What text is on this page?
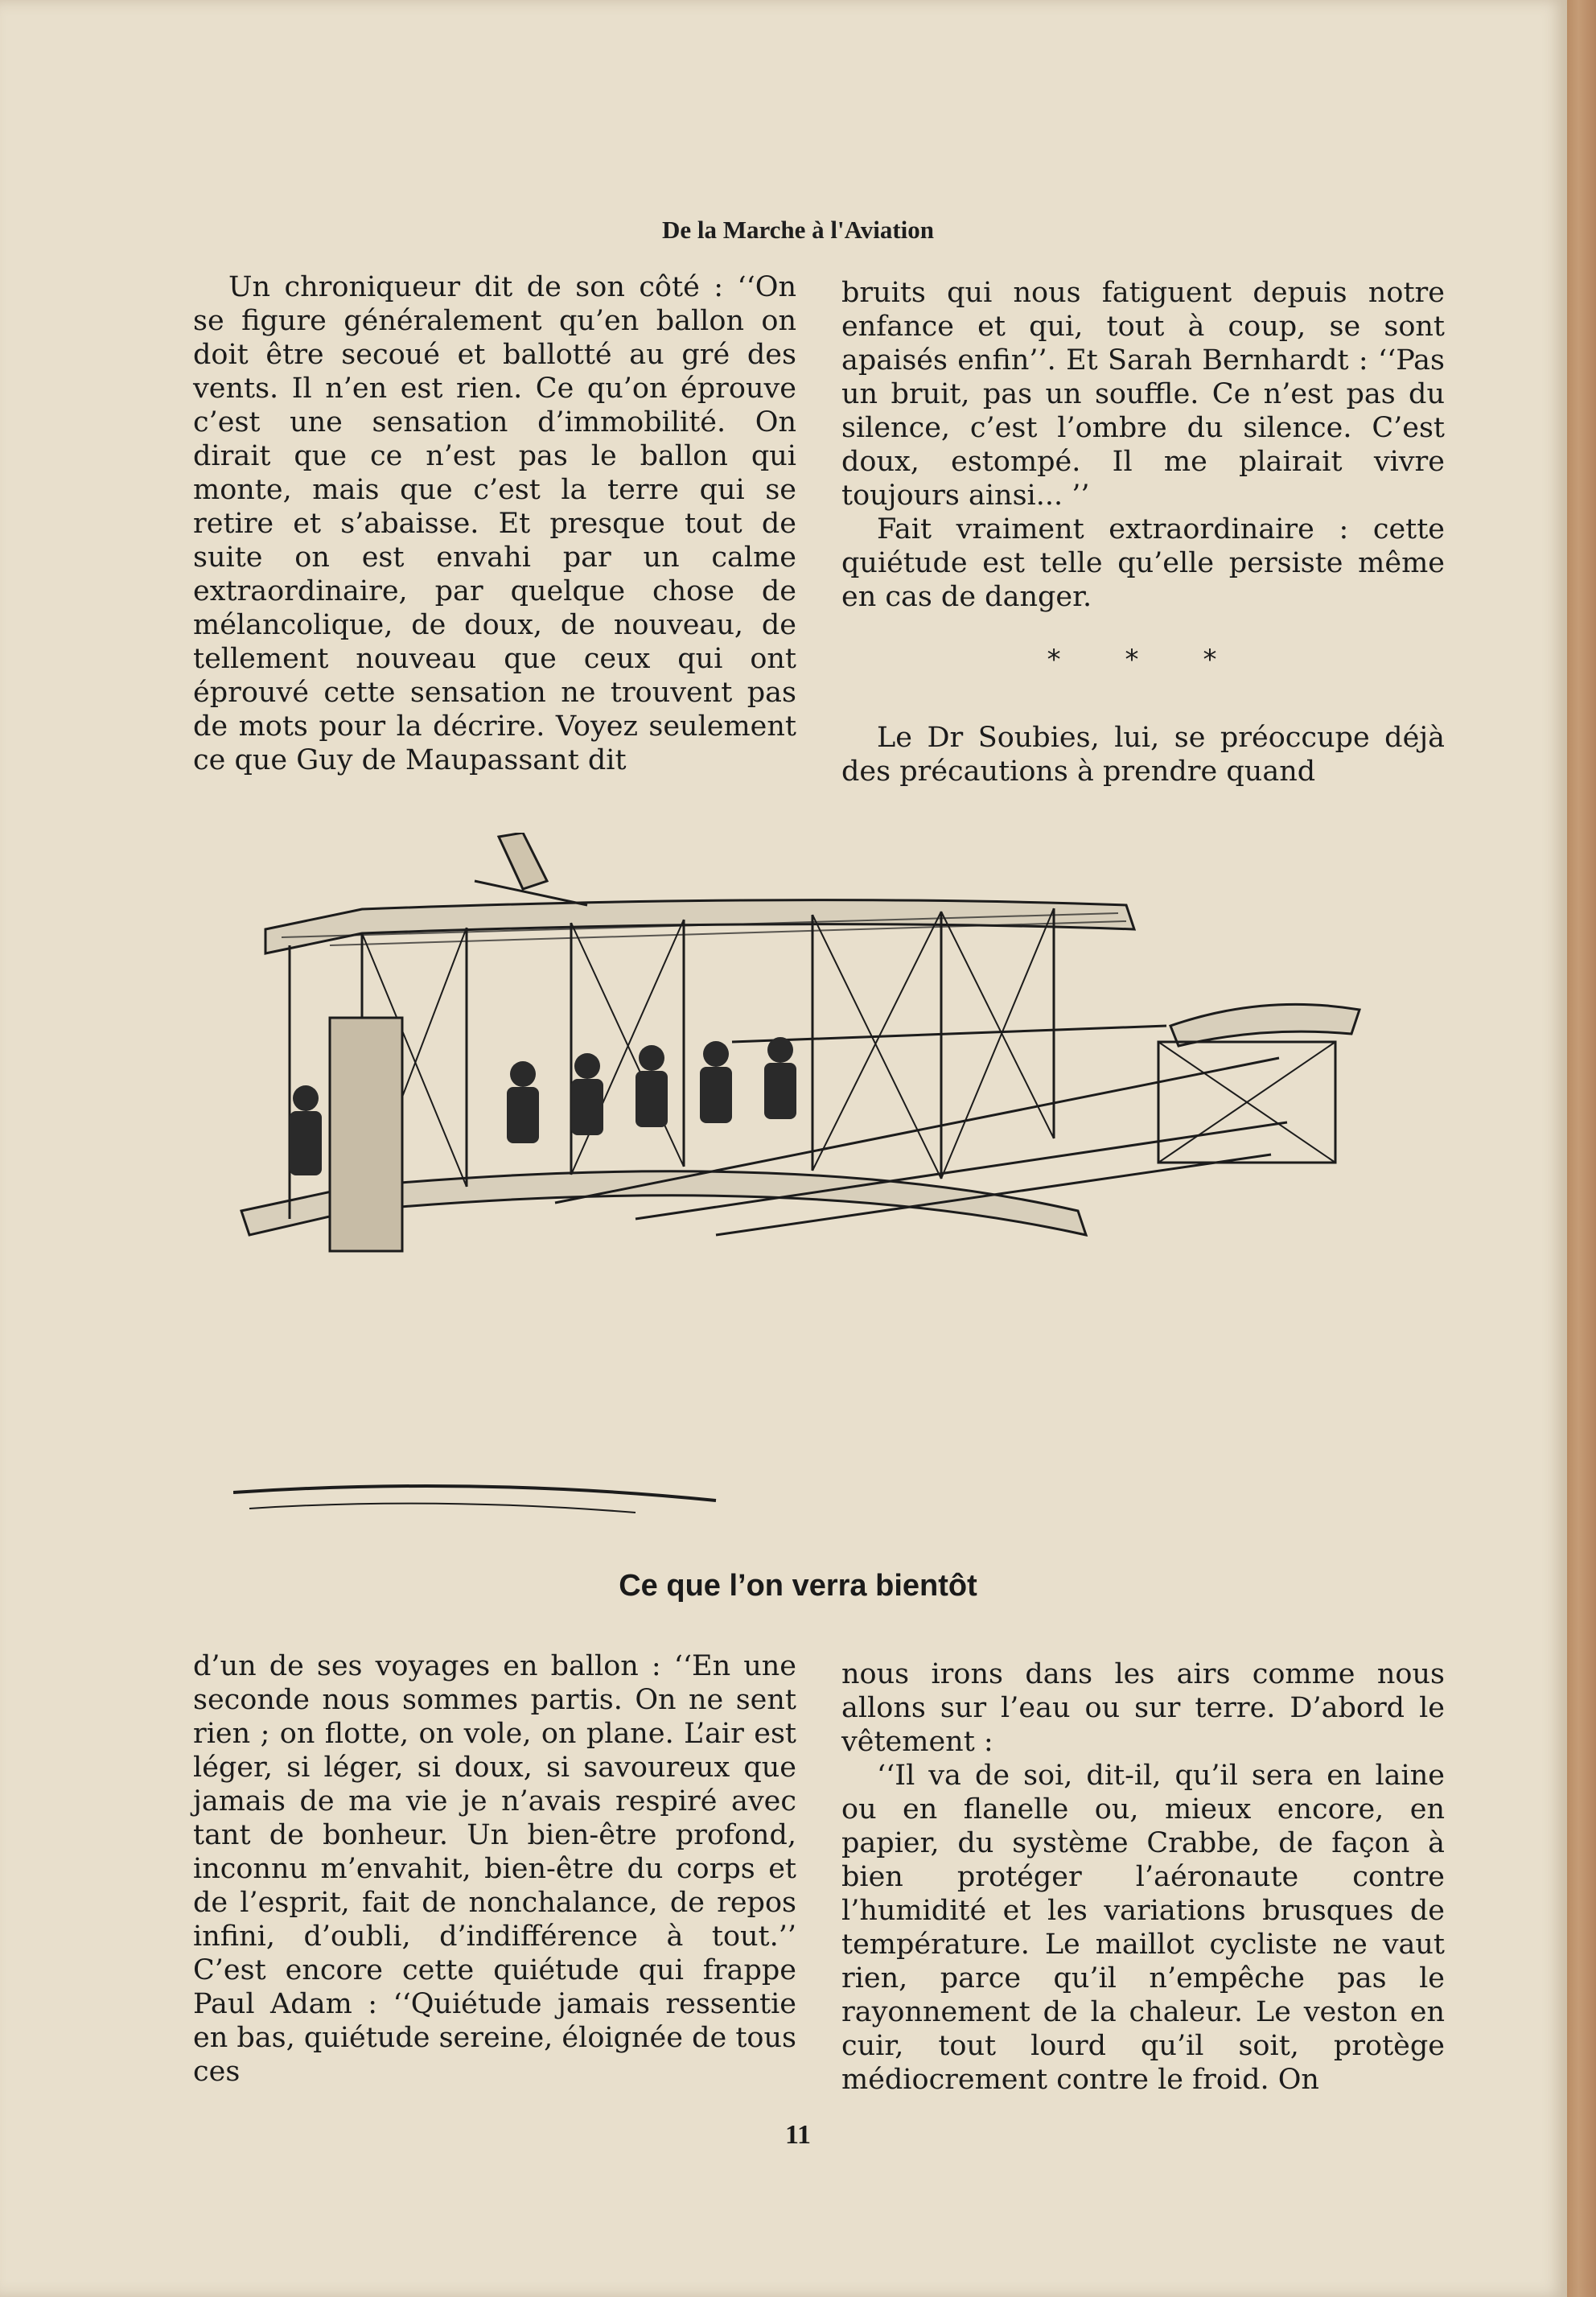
De la Marche à l'Aviation

Un chroniqueur dit de son côté : ‘‘On se figure généralement qu’en ballon on doit être secoué et ballotté au gré des vents. Il n’en est rien. Ce qu’on éprouve c’est une sensation d’immobilité. On dirait que ce n’est pas le ballon qui monte, mais que c’est la terre qui se retire et s’abaisse. Et presque tout de suite on est envahi par un calme extraordinaire, par quelque chose de mélancolique, de doux, de nouveau, de tellement nouveau que ceux qui ont éprouvé cette sensation ne trouvent pas de mots pour la décrire. Voyez seulement ce que Guy de Maupassant dit

bruits qui nous fatiguent depuis notre enfance et qui, tout à coup, se sont apaisés enfin’’. Et Sarah Bernhardt : ‘‘Pas un bruit, pas un souffle. Ce n’est pas du silence, c’est l’ombre du silence. C’est doux, estompé. Il me plairait vivre toujours ainsi... ’’

Fait vraiment extraordinaire : cette quiétude est telle qu’elle persiste même en cas de danger.

* * *

Le Dr Soubies, lui, se préoccupe déjà des précautions à prendre quand

Ce que l’on verra bientôt

d’un de ses voyages en ballon : ‘‘En une seconde nous sommes partis. On ne sent rien ; on flotte, on vole, on plane. L’air est léger, si léger, si doux, si savoureux que jamais de ma vie je n’avais respiré avec tant de bonheur. Un bien-être profond, inconnu m’envahit, bien-être du corps et de l’esprit, fait de nonchalance, de repos infini, d’oubli, d’indifférence à tout.’’ C’est encore cette quiétude qui frappe Paul Adam : ‘‘Quiétude jamais ressentie en bas, quiétude sereine, éloignée de tous ces

nous irons dans les airs comme nous allons sur l’eau ou sur terre. D’abord le vêtement :

‘‘Il va de soi, dit-il, qu’il sera en laine ou en flanelle ou, mieux encore, en papier, du système Crabbe, de façon à bien protéger l’aéronaute contre l’humidité et les variations brusques de température. Le maillot cycliste ne vaut rien, parce qu’il n’empêche pas le rayonnement de la chaleur. Le veston en cuir, tout lourd qu’il soit, protège médiocrement contre le froid. On

11
